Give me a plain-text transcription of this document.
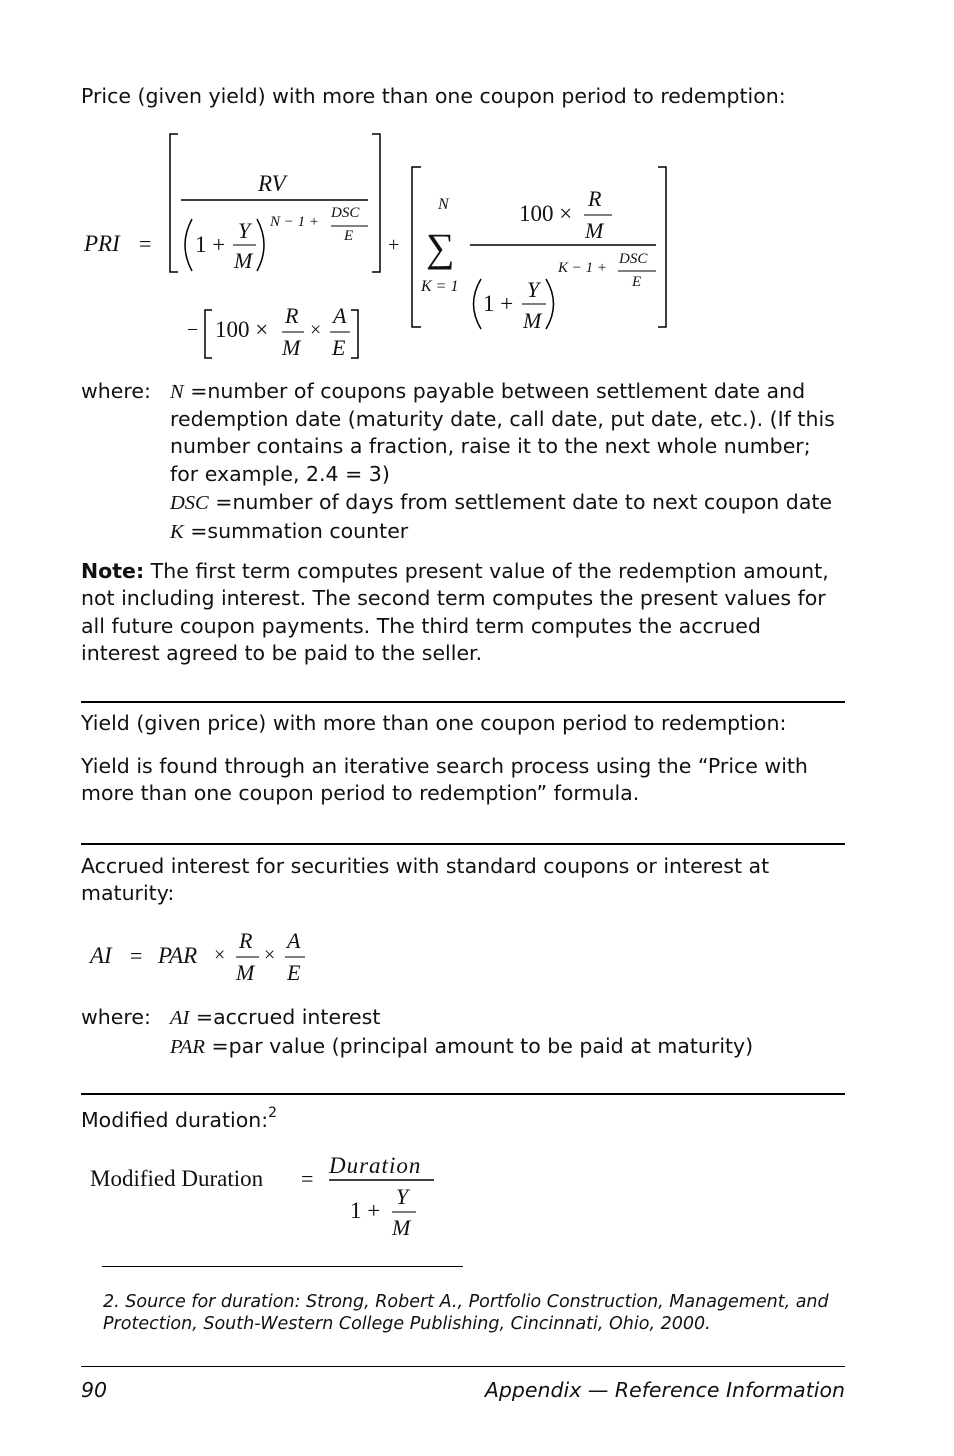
Price (given yield) with more than one coupon period to redemption:
PRI =
RV
1 +
Y
M
N − 1 +
DSC
E +
N
∑
K = 1
100 ×
R
M
K − 1 +
DSC
E
1 +
Y
M
− 100 ×
R
M
×
A
E
where: N =number of coupons payable between settlement date and
redemption date (maturity date, call date, put date, etc.). (If this
number contains a fraction, raise it to the next whole number;
for example, 2.4 = 3)
DSC =number of days from settlement date to next coupon date
K =summation counter
Note: The first term computes present value of the redemption amount,
not including interest. The second term computes the present values for
all future coupon payments. The third term computes the accrued
interest agreed to be paid to the seller.
Yield (given price) with more than one coupon period to redemption:
Yield is found through an iterative search process using the “Price with
more than one coupon period to redemption” formula.
Accrued interest for securities with standard coupons or interest at
maturity:
AI = PAR ×
R
M
×
A
E
where: AI =accrued interest
PAR =par value (principal amount to be paid at maturity)
Modified duration:$^2$
Modified Duration =
Duration
1 +
Y
M
2. Source for duration: Strong, Robert A., Portfolio Construction, Management, and
Protection, South-Western College Publishing, Cincinnati, Ohio, 2000.
90	Appendix — Reference Information
